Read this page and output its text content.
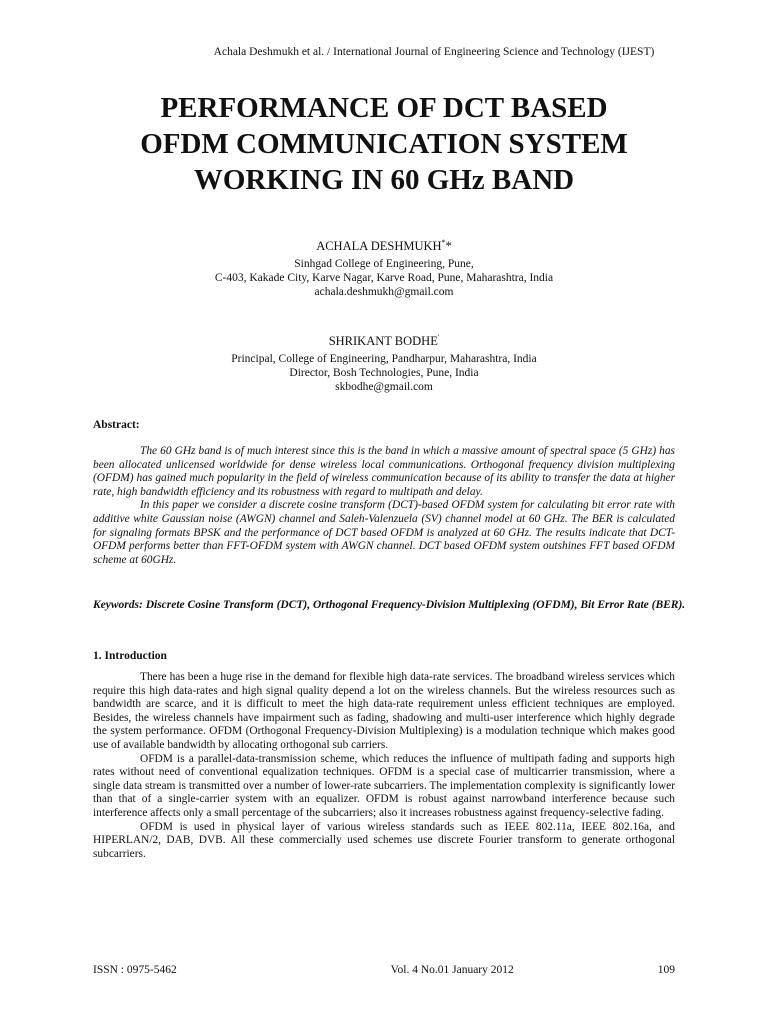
Achala Deshmukh et al. / International Journal of Engineering Science and Technology (IJEST)
PERFORMANCE OF DCT BASED
OFDM COMMUNICATION SYSTEM
WORKING IN 60 GHz BAND
ACHALA DESHMUKH**
Sinhgad College of Engineering, Pune,
C-403, Kakade City, Karve Nagar, Karve Road, Pune, Maharashtra, India
achala.deshmukh@gmail.com
SHRIKANT BODHE'
Principal, College of Engineering, Pandharpur, Maharashtra, India
Director, Bosh Technologies, Pune, India
skbodhe@gmail.com
Abstract:

The 60 GHz band is of much interest since this is the band in which a massive amount of spectral space (5 GHz) has been allocated unlicensed worldwide for dense wireless local communications. Orthogonal frequency division multiplexing (OFDM) has gained much popularity in the field of wireless communication because of its ability to transfer the data at higher rate, high bandwidth efficiency and its robustness with regard to multipath and delay.

In this paper we consider a discrete cosine transform (DCT)-based OFDM system for calculating bit error rate with additive white Gaussian noise (AWGN) channel and Saleh-Valenzuela (SV) channel model at 60 GHz. The BER is calculated for signaling formats BPSK and the performance of DCT based OFDM is analyzed at 60 GHz. The results indicate that DCT-OFDM performs better than FFT-OFDM system with AWGN channel. DCT based OFDM system outshines FFT based OFDM scheme at 60GHz.

Keywords: Discrete Cosine Transform (DCT), Orthogonal Frequency-Division Multiplexing (OFDM), Bit Error Rate (BER).
1. Introduction

There has been a huge rise in the demand for flexible high data-rate services. The broadband wireless services which require this high data-rates and high signal quality depend a lot on the wireless channels. But the wireless resources such as bandwidth are scarce, and it is difficult to meet the high data-rate requirement unless efficient techniques are employed. Besides, the wireless channels have impairment such as fading, shadowing and multi-user interference which highly degrade the system performance. OFDM (Orthogonal Frequency-Division Multiplexing) is a modulation technique which makes good use of available bandwidth by allocating orthogonal sub carriers.

OFDM is a parallel-data-transmission scheme, which reduces the influence of multipath fading and supports high rates without need of conventional equalization techniques. OFDM is a special case of multicarrier transmission, where a single data stream is transmitted over a number of lower-rate subcarriers. The implementation complexity is significantly lower than that of a single-carrier system with an equalizer. OFDM is robust against narrowband interference because such interference affects only a small percentage of the subcarriers; also it increases robustness against frequency-selective fading.

OFDM is used in physical layer of various wireless standards such as IEEE 802.11a, IEEE 802.16a, and HIPERLAN/2, DAB, DVB. All these commercially used schemes use discrete Fourier transform to generate orthogonal subcarriers.

ISSN : 0975-5462	Vol. 4 No.01 January 2012	109
